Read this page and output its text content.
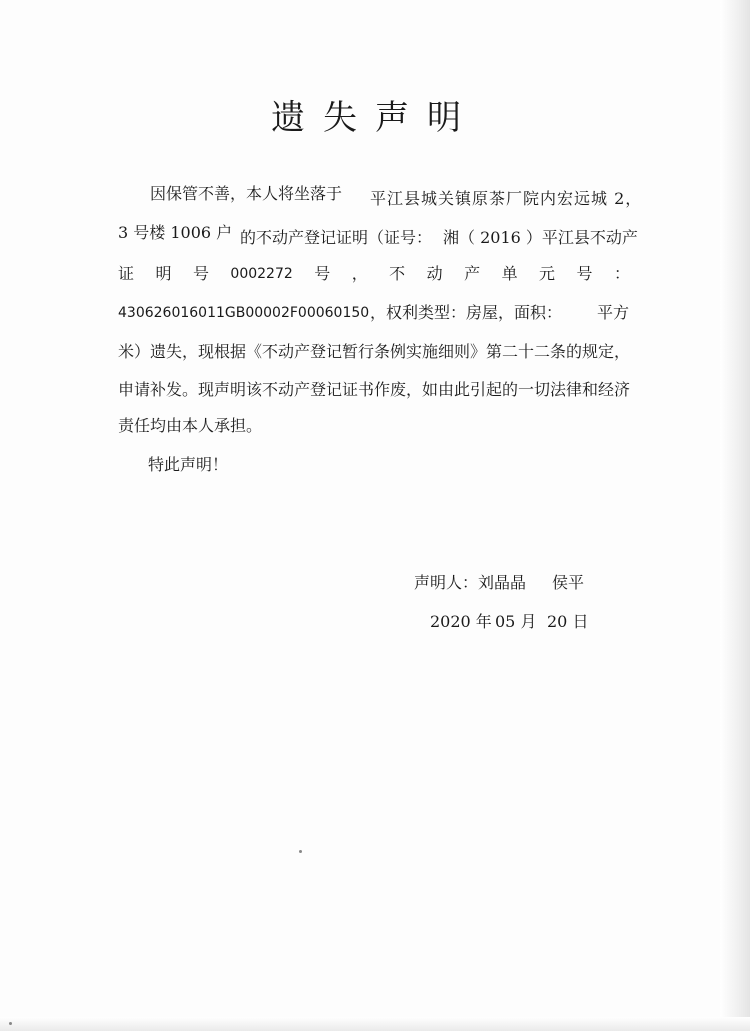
遗失声明
因保管不善，本人将坐落于 平江县城关镇原茶厂院内宏远城 2，
3 号楼 1006 户 的不动产登记证明（证号： 湘（ 2016 ）平江县不动产
证 明 号 0002272 号 ， 不 动 产 单 元 号 ：
430626016011GB00002F00060150 ，权利类型：房屋，面积： 平方
米）遗失，现根据《不动产登记暂行条例实施细则》第二十二条的规定，
申请补发。现声明该不动产登记证书作废，如由此引起的一切法律和经济
责任均由本人承担。
特此声明！
声明人：刘晶晶 侯平
2020 年 05 月 20 日
